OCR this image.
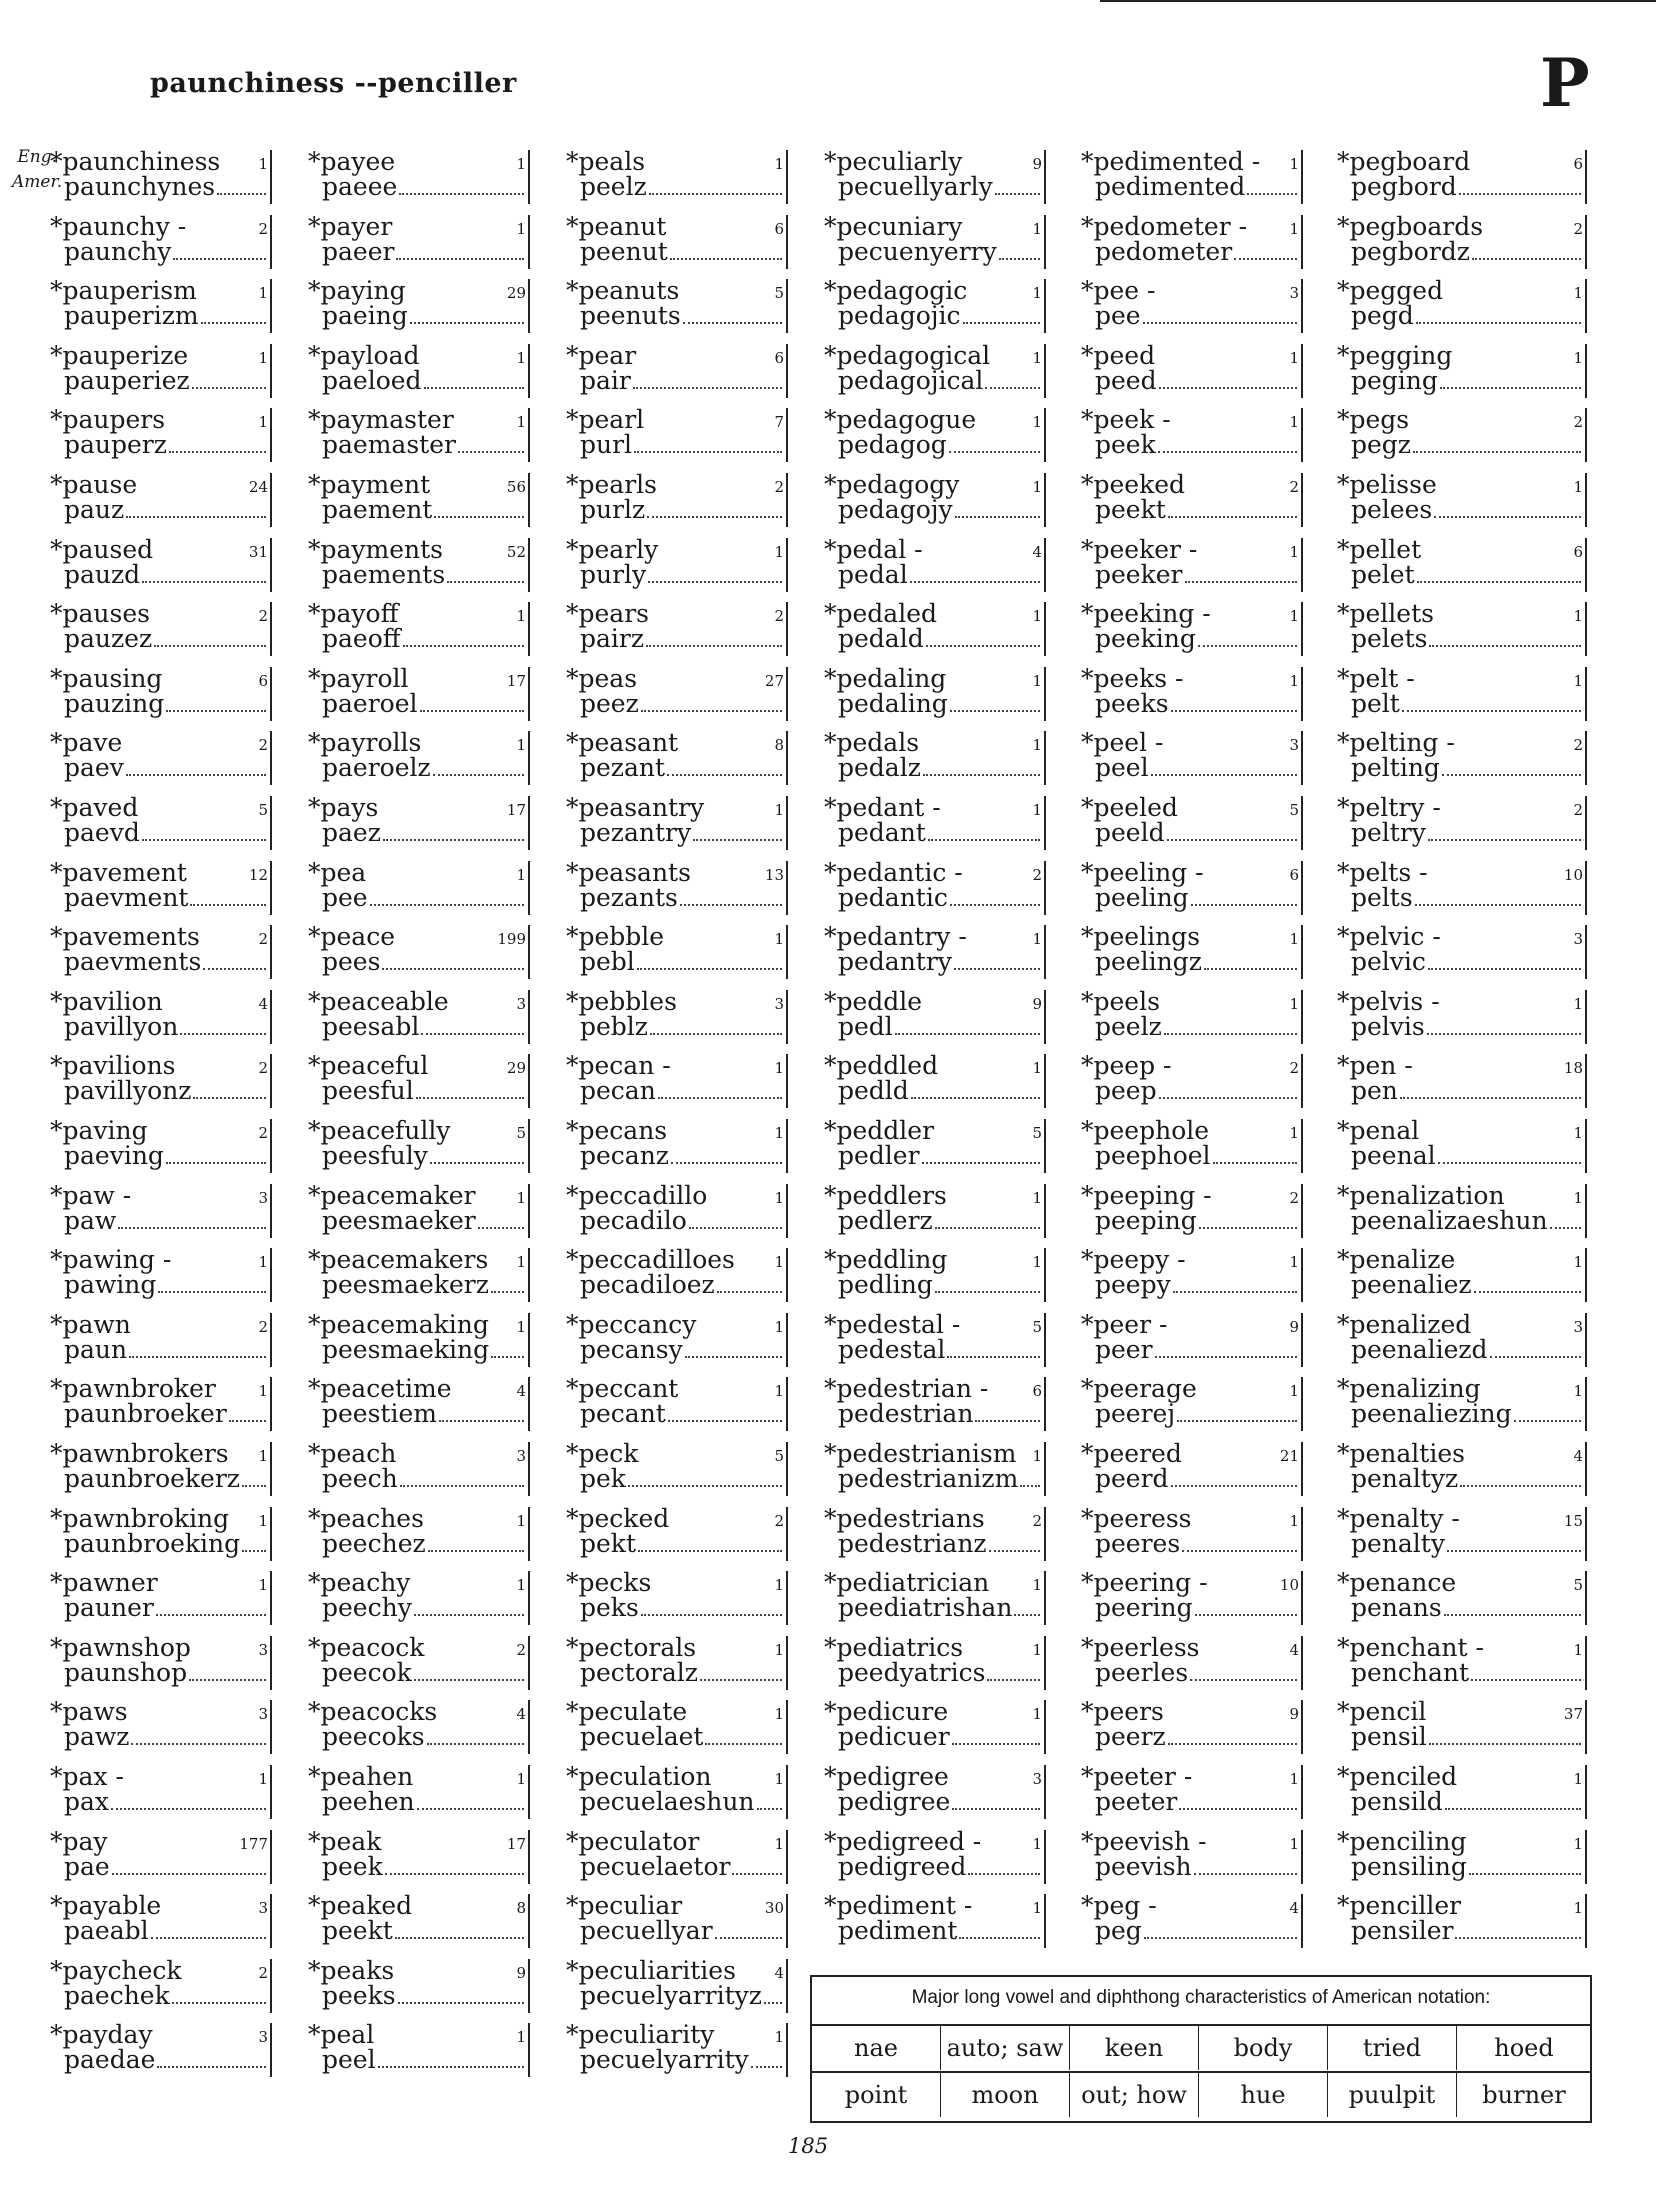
paunchiness --penciller	P
Eng.
Amer.
*paunchiness
paunchynes
1
*paunchy -
paunchy
2
*pauperism
pauperizm
1
*pauperize
pauperiez
1
*paupers
pauperz
1
*pause
pauz
24
*paused
pauzd
31
*pauses
pauzez
2
*pausing
pauzing
6
*pave
paev
2
*paved
paevd
5
*pavement
paevment
12
*pavements
paevments
2
*pavilion
pavillyon
4
*pavilions
pavillyonz
2
*paving
paeving
2
*paw -
paw
3
*pawing -
pawing
1
*pawn
paun
2
*pawnbroker
paunbroeker
1
*pawnbrokers
paunbroekerz
1
*pawnbroking
paunbroeking
1
*pawner
pauner
1
*pawnshop
paunshop
3
*paws
pawz
3
*pax -
pax
1
*pay
pae
177
*payable
paeabl
3
*paycheck
paechek
2
*payday
paedae
3
*payee
paeee
1
*payer
paeer
1
*paying
paeing
29
*payload
paeloed
1
*paymaster
paemaster
1
*payment
paement
56
*payments
paements
52
*payoff
paeoff
1
*payroll
paeroel
17
*payrolls
paeroelz
1
*pays
paez
17
*pea
pee
1
*peace
pees
199
*peaceable
peesabl
3
*peaceful
peesful
29
*peacefully
peesfuly
5
*peacemaker
peesmaeker
1
*peacemakers
peesmaekerz
1
*peacemaking
peesmaeking
1
*peacetime
peestiem
4
*peach
peech
3
*peaches
peechez
1
*peachy
peechy
1
*peacock
peecok
2
*peacocks
peecoks
4
*peahen
peehen
1
*peak
peek
17
*peaked
peekt
8
*peaks
peeks
9
*peal
peel
1
*peals
peelz
1
*peanut
peenut
6
*peanuts
peenuts
5
*pear
pair
6
*pearl
purl
7
*pearls
purlz
2
*pearly
purly
1
*pears
pairz
2
*peas
peez
27
*peasant
pezant
8
*peasantry
pezantry
1
*peasants
pezants
13
*pebble
pebl
1
*pebbles
peblz
3
*pecan -
pecan
1
*pecans
pecanz
1
*peccadillo
pecadilo
1
*peccadilloes
pecadiloez
1
*peccancy
pecansy
1
*peccant
pecant
1
*peck
pek
5
*pecked
pekt
2
*pecks
peks
1
*pectorals
pectoralz
1
*peculate
pecuelaet
1
*peculation
pecuelaeshun
1
*peculator
pecuelaetor
1
*peculiar
pecuellyar
30
*peculiarities
pecuelyarrityz
4
*peculiarity
pecuelyarrity
1
*peculiarly
pecuellyarly
9
*pecuniary
pecuenyerry
1
*pedagogic
pedagojic
1
*pedagogical
pedagojical
1
*pedagogue
pedagog
1
*pedagogy
pedagojy
1
*pedal -
pedal
4
*pedaled
pedald
1
*pedaling
pedaling
1
*pedals
pedalz
1
*pedant -
pedant
1
*pedantic -
pedantic
2
*pedantry -
pedantry
1
*peddle
pedl
9
*peddled
pedld
1
*peddler
pedler
5
*peddlers
pedlerz
1
*peddling
pedling
1
*pedestal -
pedestal
5
*pedestrian -
pedestrian
6
*pedestrianism
pedestrianizm
1
*pedestrians
pedestrianz
2
*pediatrician
peediatrishan
1
*pediatrics
peedyatrics
1
*pedicure
pedicuer
1
*pedigree
pedigree
3
*pedigreed -
pedigreed
1
*pediment -
pediment
1
*pedimented -
pedimented
1
*pedometer -
pedometer
1
*pee -
pee
3
*peed
peed
1
*peek -
peek
1
*peeked
peekt
2
*peeker -
peeker
1
*peeking -
peeking
1
*peeks -
peeks
1
*peel -
peel
3
*peeled
peeld
5
*peeling -
peeling
6
*peelings
peelingz
1
*peels
peelz
1
*peep -
peep
2
*peephole
peephoel
1
*peeping -
peeping
2
*peepy -
peepy
1
*peer -
peer
9
*peerage
peerej
1
*peered
peerd
21
*peeress
peeres
1
*peering -
peering
10
*peerless
peerles
4
*peers
peerz
9
*peeter -
peeter
1
*peevish -
peevish
1
*peg -
peg
4
*pegboard
pegbord
6
*pegboards
pegbordz
2
*pegged
pegd
1
*pegging
peging
1
*pegs
pegz
2
*pelisse
pelees
1
*pellet
pelet
6
*pellets
pelets
1
*pelt -
pelt
1
*pelting -
pelting
2
*peltry -
peltry
2
*pelts -
pelts
10
*pelvic -
pelvic
3
*pelvis -
pelvis
1
*pen -
pen
18
*penal
peenal
1
*penalization
peenalizaeshun
1
*penalize
peenaliez
1
*penalized
peenaliezd
3
*penalizing
peenaliezing
1
*penalties
penaltyz
4
*penalty -
penalty
15
*penance
penans
5
*penchant -
penchant
1
*pencil
pensil
37
*penciled
pensild
1
*penciling
pensiling
1
*penciller
pensiler
1
Major long vowel and diphthong characteristics of American notation:
nae	auto; saw	keen	body	tried	hoed
point	moon	out; how	hue	puulpit	burner
185
